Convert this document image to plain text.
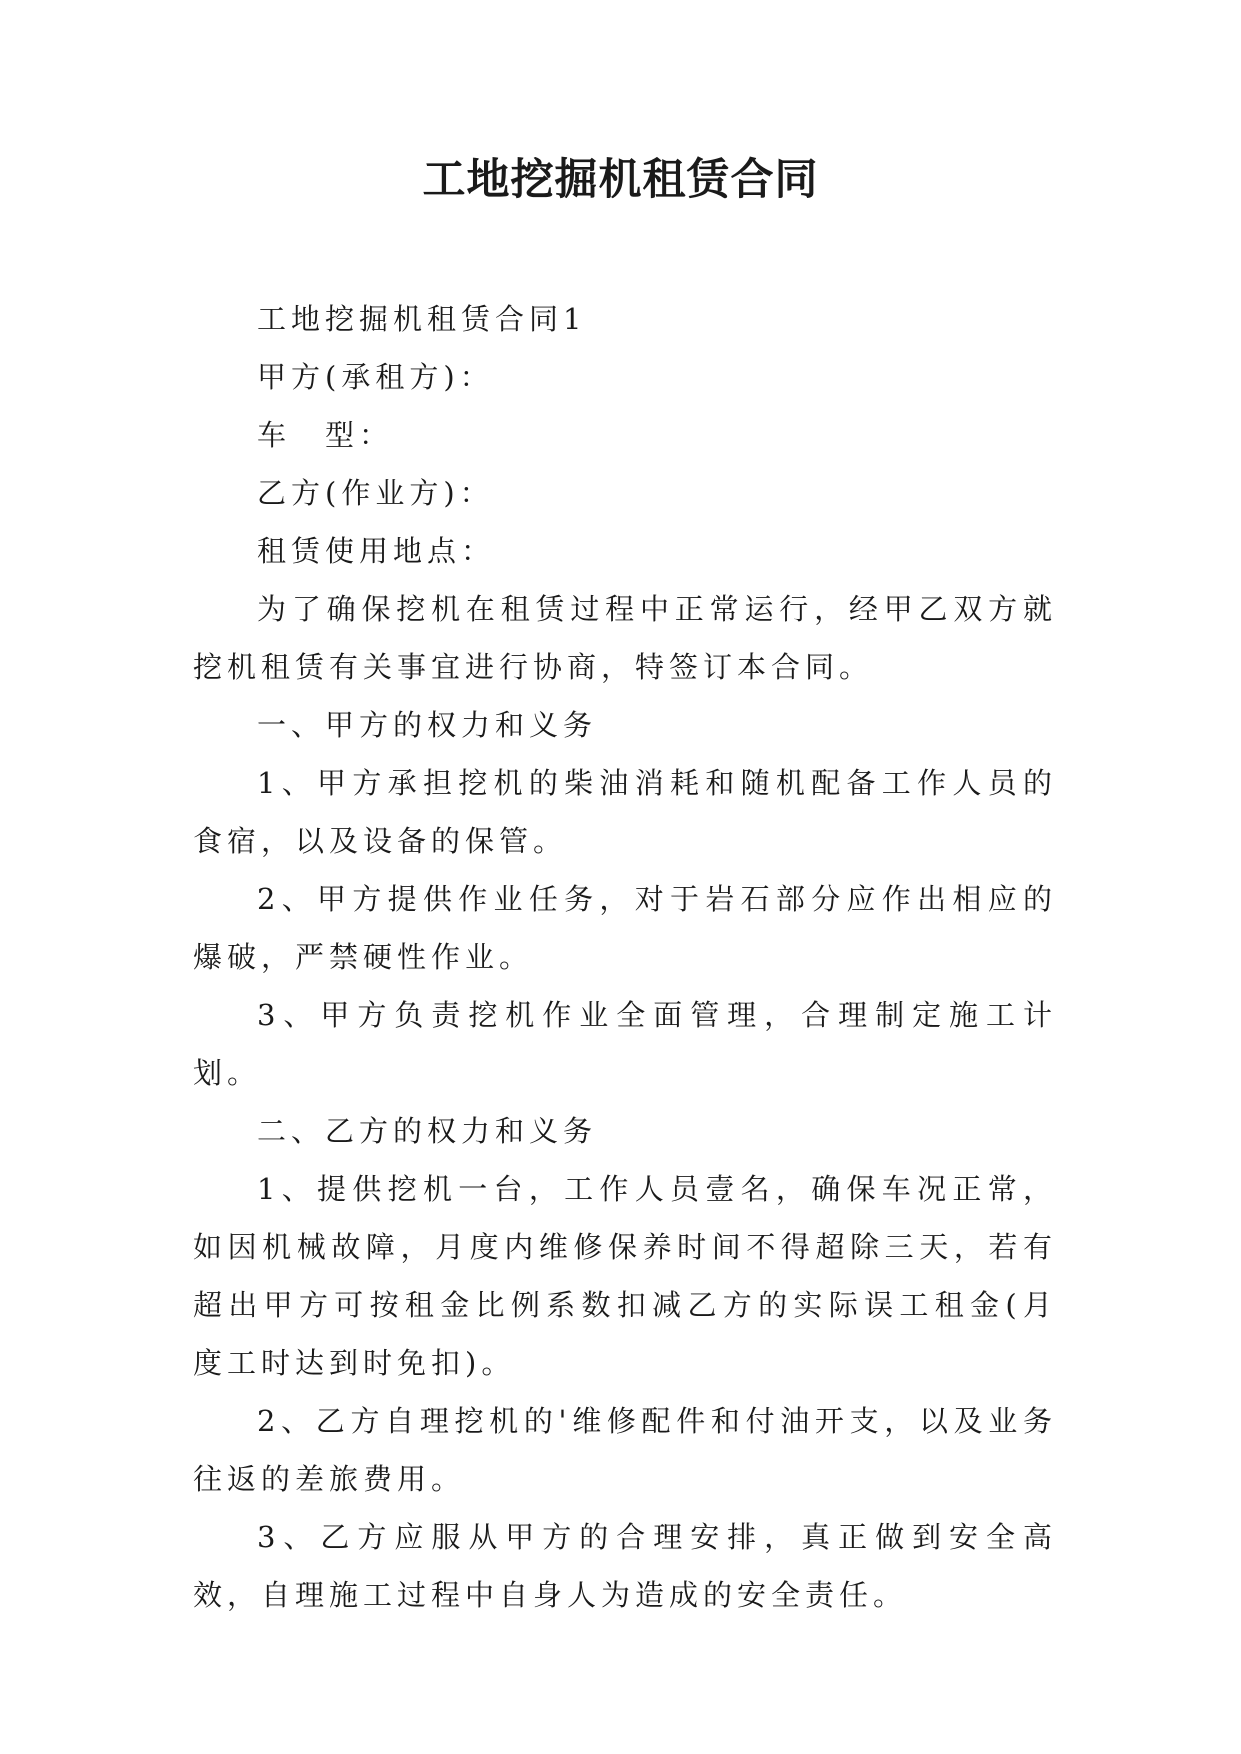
工地挖掘机租赁合同

工地挖掘机租赁合同1

甲方(承租方)：

车　型：

乙方(作业方)：

租赁使用地点：

为了确保挖机在租赁过程中正常运行，经甲乙双方就挖机租赁有关事宜进行协商，特签订本合同。

一、甲方的权力和义务

1、甲方承担挖机的柴油消耗和随机配备工作人员的食宿，以及设备的保管。

2、甲方提供作业任务，对于岩石部分应作出相应的爆破，严禁硬性作业。

3、甲方负责挖机作业全面管理，合理制定施工计划。

二、乙方的权力和义务

1、提供挖机一台，工作人员壹名，确保车况正常，如因机械故障，月度内维修保养时间不得超除三天，若有超出甲方可按租金比例系数扣减乙方的实际误工租金(月度工时达到时免扣)。

2、乙方自理挖机的'维修配件和付油开支，以及业务往返的差旅费用。

3、乙方应服从甲方的合理安排，真正做到安全高效，自理施工过程中自身人为造成的安全责任。
